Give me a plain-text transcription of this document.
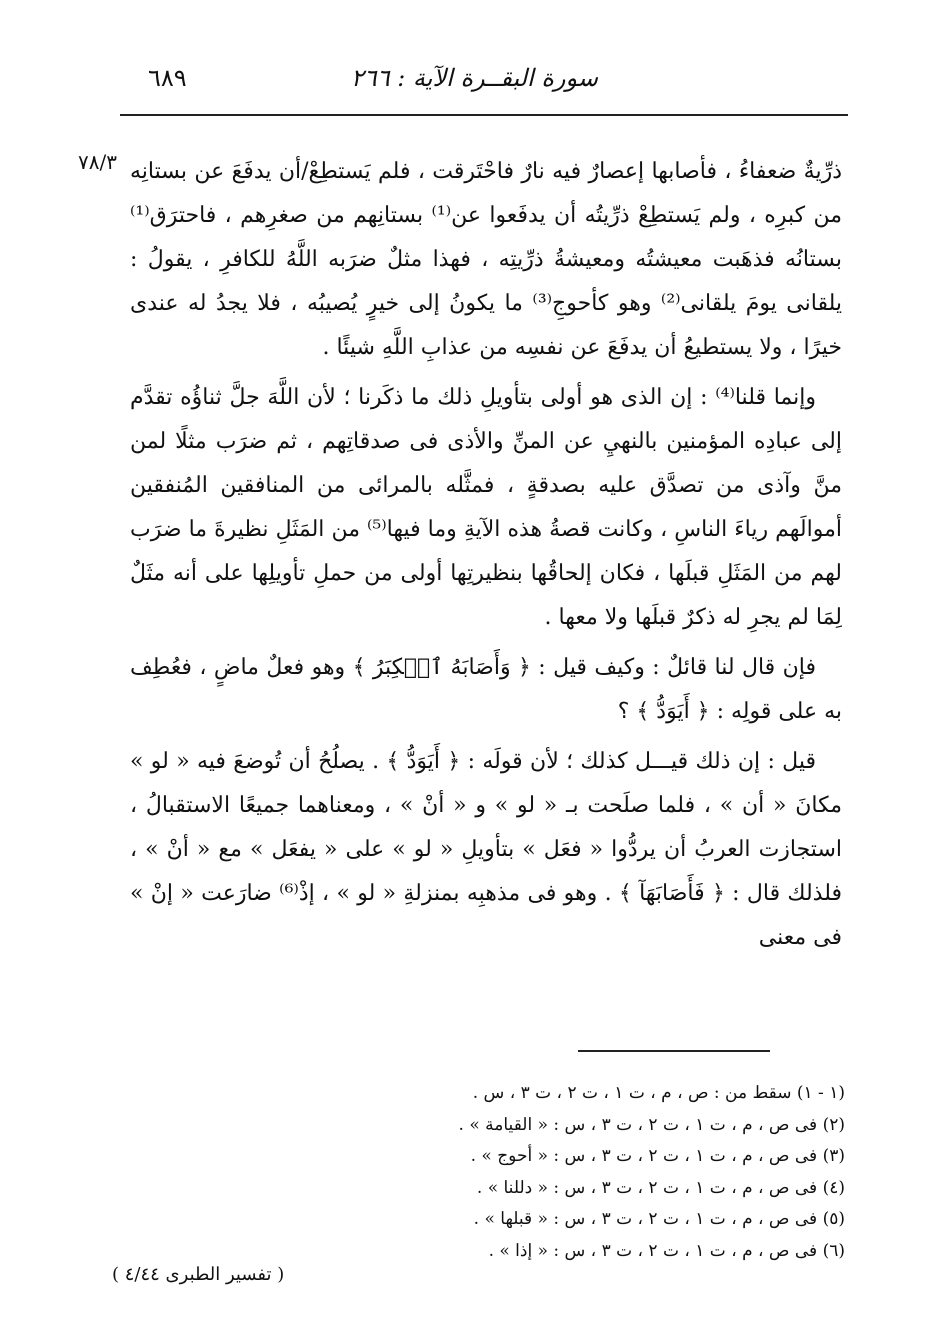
٦٨٩	سورة البقــرة الآية : ٢٦٦
٧٨/٣ ذرِّيةٌ ضعفاءُ ، فأصابها إعصارٌ فيه نارٌ فاحْتَرقت ، فلم يَستطِعْ/أن يدفَعَ عن بستانِه من كبرِه ، ولم يَستطِعْ ذرِّيتُه أن يدفَعوا عن⁽¹⁾ بستانِهم من صغرِهم ، فاحترَق⁽¹⁾ بستانُه فذهَبت معيشتُه ومعيشةُ ذرِّيتِه ، فهذا مثلٌ ضرَبه اللَّهُ للكافرِ ، يقولُ : يلقانى يومَ يلقانى⁽²⁾ وهو كأحوجِ⁽³⁾ ما يكونُ إلى خيرٍ يُصيبُه ، فلا يجدُ له عندى خيرًا ، ولا يستطيعُ أن يدفَعَ عن نفسِه من عذابِ اللَّهِ شيئًا .

وإنما قلنا⁽⁴⁾ : إن الذى هو أولى بتأويلِ ذلك ما ذكَرنا ؛ لأن اللَّهَ جلَّ ثناؤُه تقدَّم إلى عبادِه المؤمنين بالنهيِ عن المنِّ والأذى فى صدقاتِهم ، ثم ضرَب مثلًا لمن منَّ وآذى من تصدَّق عليه بصدقةٍ ، فمثَّله بالمرائى من المنافقين المُنفقين أموالَهم رياءَ الناسِ ، وكانت قصةُ هذه الآيةِ وما فيها⁽⁵⁾ من المَثَلِ نظيرةَ ما ضرَب لهم من المَثَلِ قبلَها ، فكان إلحاقُها بنظيرتِها أولى من حملِ تأويلِها على أنه مثَلٌ لِمَا لم يجرِ له ذكرٌ قبلَها ولا معها .

فإن قال لنا قائلٌ : وكيف قيل : ﴿ وَأَصَابَهُ ٱلۡكِبَرُ ﴾ وهو فعلٌ ماضٍ ، فعُطِف به على قولِه : ﴿ أَيَوَدُّ ﴾ ؟

قيل : إن ذلك قيـــل كذلك ؛ لأن قولَه : ﴿ أَيَوَدُّ ﴾ . يصلُحُ أن تُوضعَ فيه « لو » مكانَ « أن » ، فلما صلَحت بـ « لو » و « أنْ » ، ومعناهما جميعًا الاستقبالُ ، استجازت العربُ أن يردُّوا « فعَل » بتأويلِ « لو » على « يفعَل » مع « أنْ » ، فلذلك قال : ﴿ فَأَصَابَهَآ ﴾ . وهو فى مذهبِه بمنزلةِ « لو » ، إذْ⁽⁶⁾ ضارَعت « إنْ » فى معنى

(١ - ١) سقط من : ص ، م ، ت ١ ، ت ٢ ، ت ٣ ، س .
(٢) فى ص ، م ، ت ١ ، ت ٢ ، ت ٣ ، س : « القيامة » .
(٣) فى ص ، م ، ت ١ ، ت ٢ ، ت ٣ ، س : « أحوج » .
(٤) فى ص ، م ، ت ١ ، ت ٢ ، ت ٣ ، س : « دللنا » .
(٥) فى ص ، م ، ت ١ ، ت ٢ ، ت ٣ ، س : « قبلها » .
(٦) فى ص ، م ، ت ١ ، ت ٢ ، ت ٣ ، س : « إذا » .
( تفسير الطبرى ٤/٤٤ )
